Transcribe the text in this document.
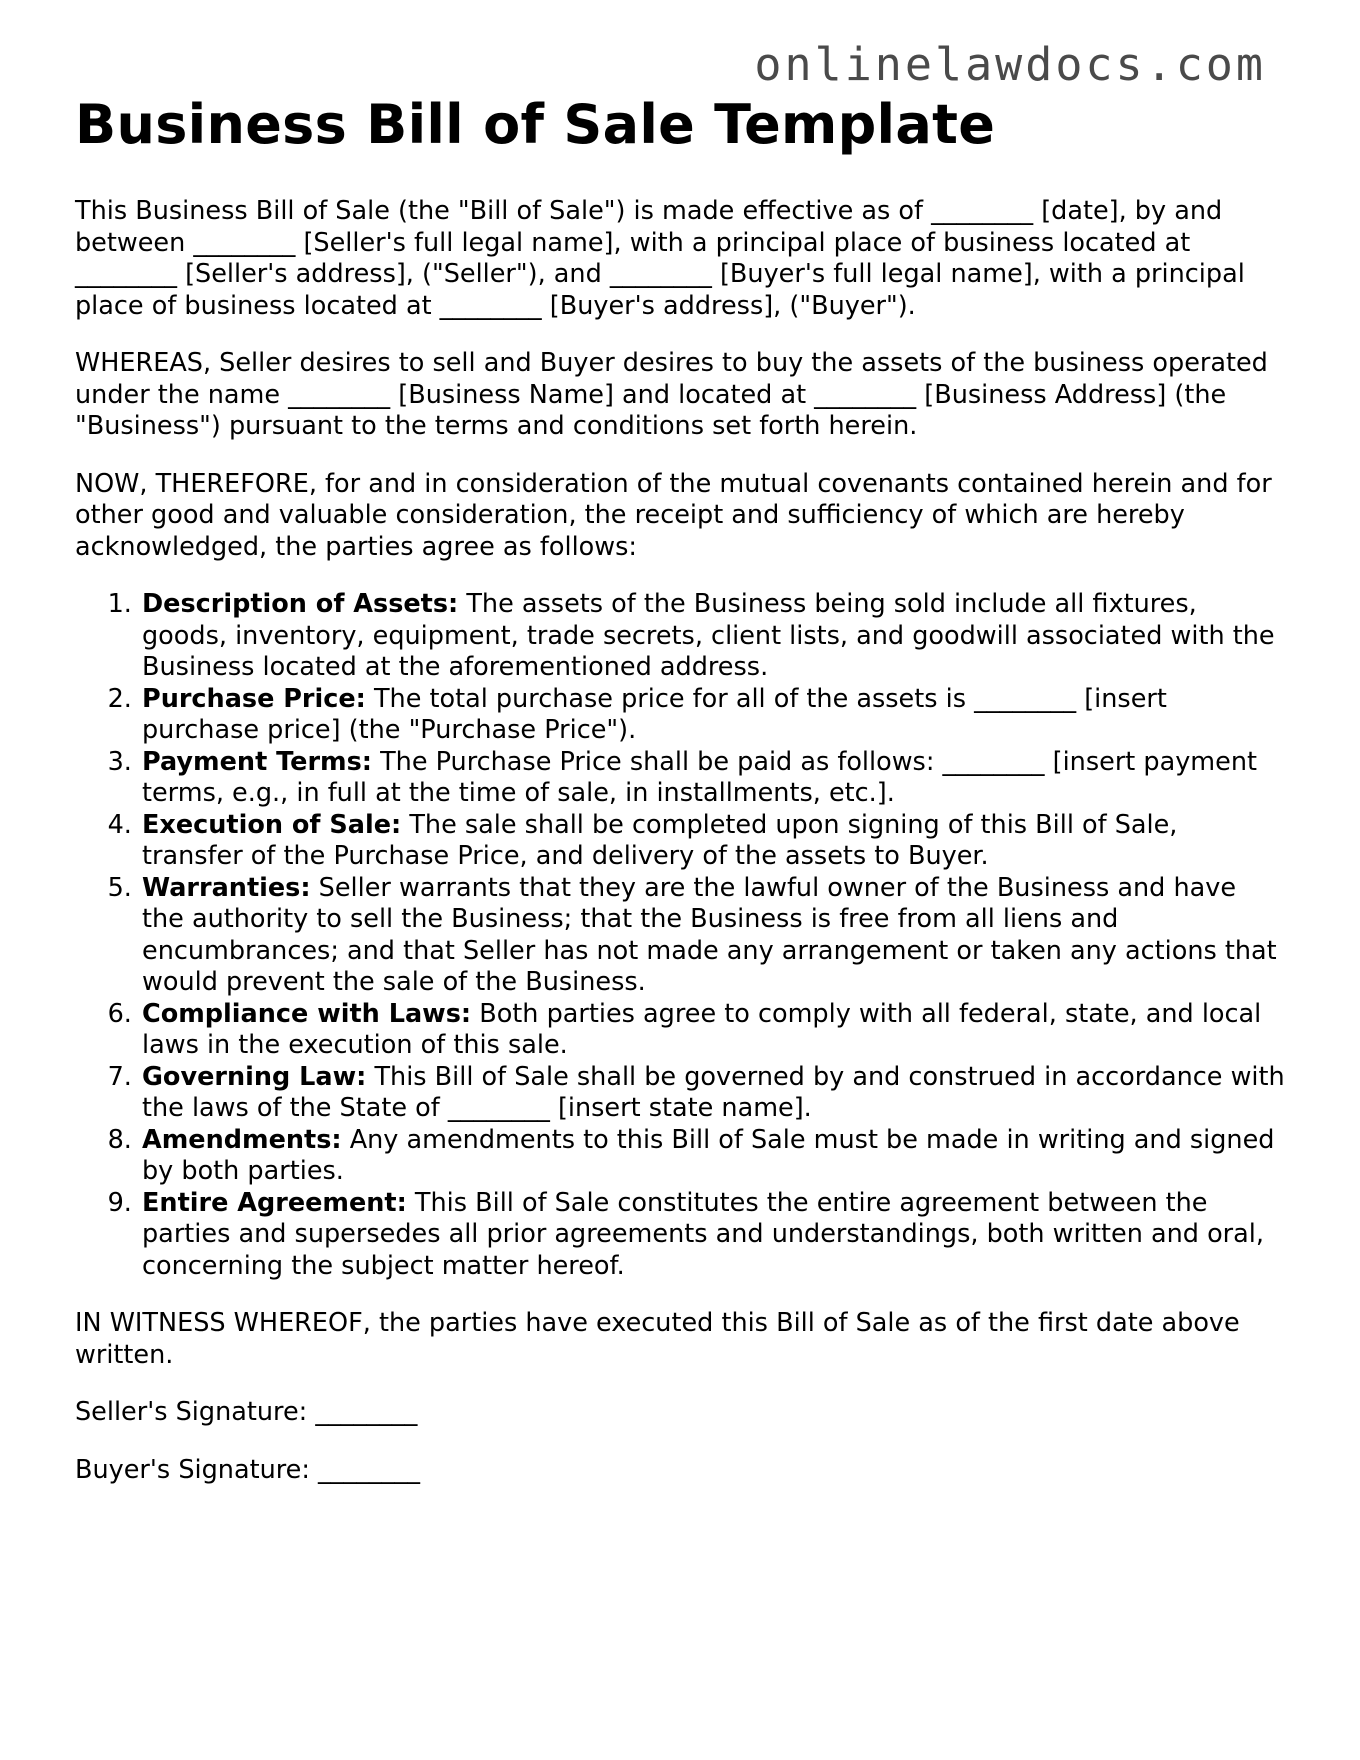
onlinelawdocs.com
Business Bill of Sale Template

This Business Bill of Sale (the "Bill of Sale") is made effective as of ________ [date], by and between ________ [Seller's full legal name], with a principal place of business located at ________ [Seller's address], ("Seller"), and ________ [Buyer's full legal name], with a principal place of business located at ________ [Buyer's address], ("Buyer").

WHEREAS, Seller desires to sell and Buyer desires to buy the assets of the business operated under the name ________ [Business Name] and located at ________ [Business Address] (the "Business") pursuant to the terms and conditions set forth herein.

NOW, THEREFORE, for and in consideration of the mutual covenants contained herein and for other good and valuable consideration, the receipt and sufficiency of which are hereby acknowledged, the parties agree as follows:

1. Description of Assets: The assets of the Business being sold include all fixtures, goods, inventory, equipment, trade secrets, client lists, and goodwill associated with the Business located at the aforementioned address.
2. Purchase Price: The total purchase price for all of the assets is ________ [insert purchase price] (the "Purchase Price").
3. Payment Terms: The Purchase Price shall be paid as follows: ________ [insert payment terms, e.g., in full at the time of sale, in installments, etc.].
4. Execution of Sale: The sale shall be completed upon signing of this Bill of Sale, transfer of the Purchase Price, and delivery of the assets to Buyer.
5. Warranties: Seller warrants that they are the lawful owner of the Business and have the authority to sell the Business; that the Business is free from all liens and encumbrances; and that Seller has not made any arrangement or taken any actions that would prevent the sale of the Business.
6. Compliance with Laws: Both parties agree to comply with all federal, state, and local laws in the execution of this sale.
7. Governing Law: This Bill of Sale shall be governed by and construed in accordance with the laws of the State of ________ [insert state name].
8. Amendments: Any amendments to this Bill of Sale must be made in writing and signed by both parties.
9. Entire Agreement: This Bill of Sale constitutes the entire agreement between the parties and supersedes all prior agreements and understandings, both written and oral, concerning the subject matter hereof.

IN WITNESS WHEREOF, the parties have executed this Bill of Sale as of the first date above written.

Seller's Signature: ________

Buyer's Signature: ________
